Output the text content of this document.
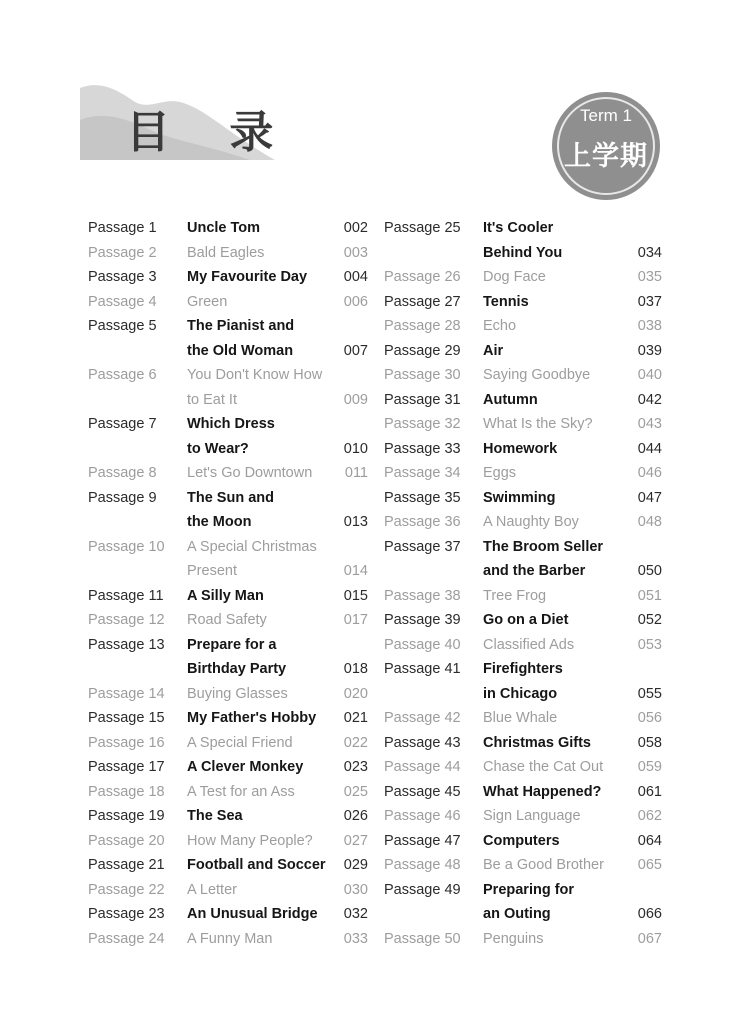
目 录	Term 1
上学期
Passage 1 Uncle Tom	002
Passage 2 Bald Eagles	003
Passage 3 My Favourite Day	004
Passage 4 Green	006
Passage 5 The Pianist and
the Old Woman	007
Passage 6 You Don't Know How
to Eat It	009
Passage 7 Which Dress
to Wear?	010
Passage 8 Let's Go Downtown 011
Passage 9 The Sun and
the Moon	013
Passage 10 A Special Christmas
Present	014
Passage 11 A Silly Man	015
Passage 12 Road Safety	017
Passage 13 Prepare for a
Birthday Party	018
Passage 14 Buying Glasses	020
Passage 15 My Father's Hobby 021
Passage 16 A Special Friend	022
Passage 17 A Clever Monkey	023
Passage 18 A Test for an Ass	025
Passage 19 The Sea	026
Passage 20 How Many People? 027
Passage 21 Football and Soccer 029
Passage 22 A Letter	030
Passage 23 An Unusual Bridge 032
Passage 24 A Funny Man	033
Passage 25 It's Cooler
Behind You	034
Passage 26 Dog Face	035
Passage 27 Tennis	037
Passage 28 Echo	038
Passage 29 Air	039
Passage 30 Saying Goodbye	040
Passage 31 Autumn	042
Passage 32 What Is the Sky?	043
Passage 33 Homework	044
Passage 34 Eggs	046
Passage 35 Swimming	047
Passage 36 A Naughty Boy	048
Passage 37 The Broom Seller
and the Barber	050
Passage 38 Tree Frog	051
Passage 39 Go on a Diet	052
Passage 40 Classified Ads	053
Passage 41 Firefighters
in Chicago	055
Passage 42 Blue Whale	056
Passage 43 Christmas Gifts	058
Passage 44 Chase the Cat Out 059
Passage 45 What Happened?	061
Passage 46 Sign Language	062
Passage 47 Computers	064
Passage 48 Be a Good Brother 065
Passage 49 Preparing for
an Outing	066
Passage 50 Penguins	067
